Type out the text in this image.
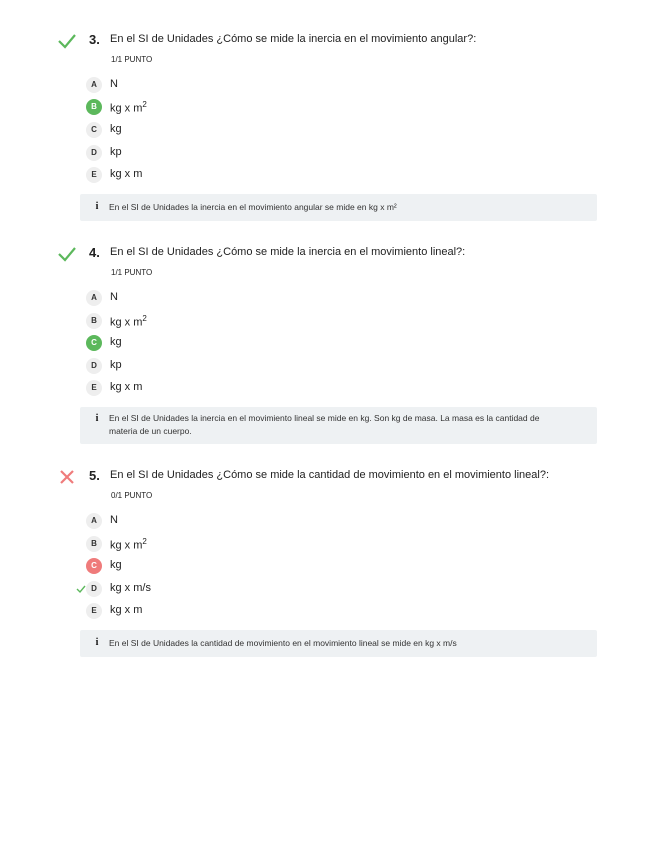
3. En el SI de Unidades ¿Cómo se mide la inercia en el movimiento angular?:
1/1 PUNTO
A	N
B	kg x $m^2$
C	kg
D	kp
E	kg x m
i	En el SI de Unidades la inercia en el movimiento angular se mide en kg x m²
4. En el SI de Unidades ¿Cómo se mide la inercia en el movimiento lineal?:
1/1 PUNTO
A	N
B	kg x $m^2$
C	kg
D	kp
E	kg x m
i	En el SI de Unidades la inercia en el movimiento lineal se mide en kg. Son kg de masa. La masa es la cantidad de materia de un cuerpo.
5. En el SI de Unidades ¿Cómo se mide la cantidad de movimiento en el movimiento lineal?:
0/1 PUNTO
A	N
B	kg x $m^2$
C	kg
D	kg x m/s
E	kg x m
i	En el SI de Unidades la cantidad de movimiento en el movimiento lineal se mide en kg x m/s
